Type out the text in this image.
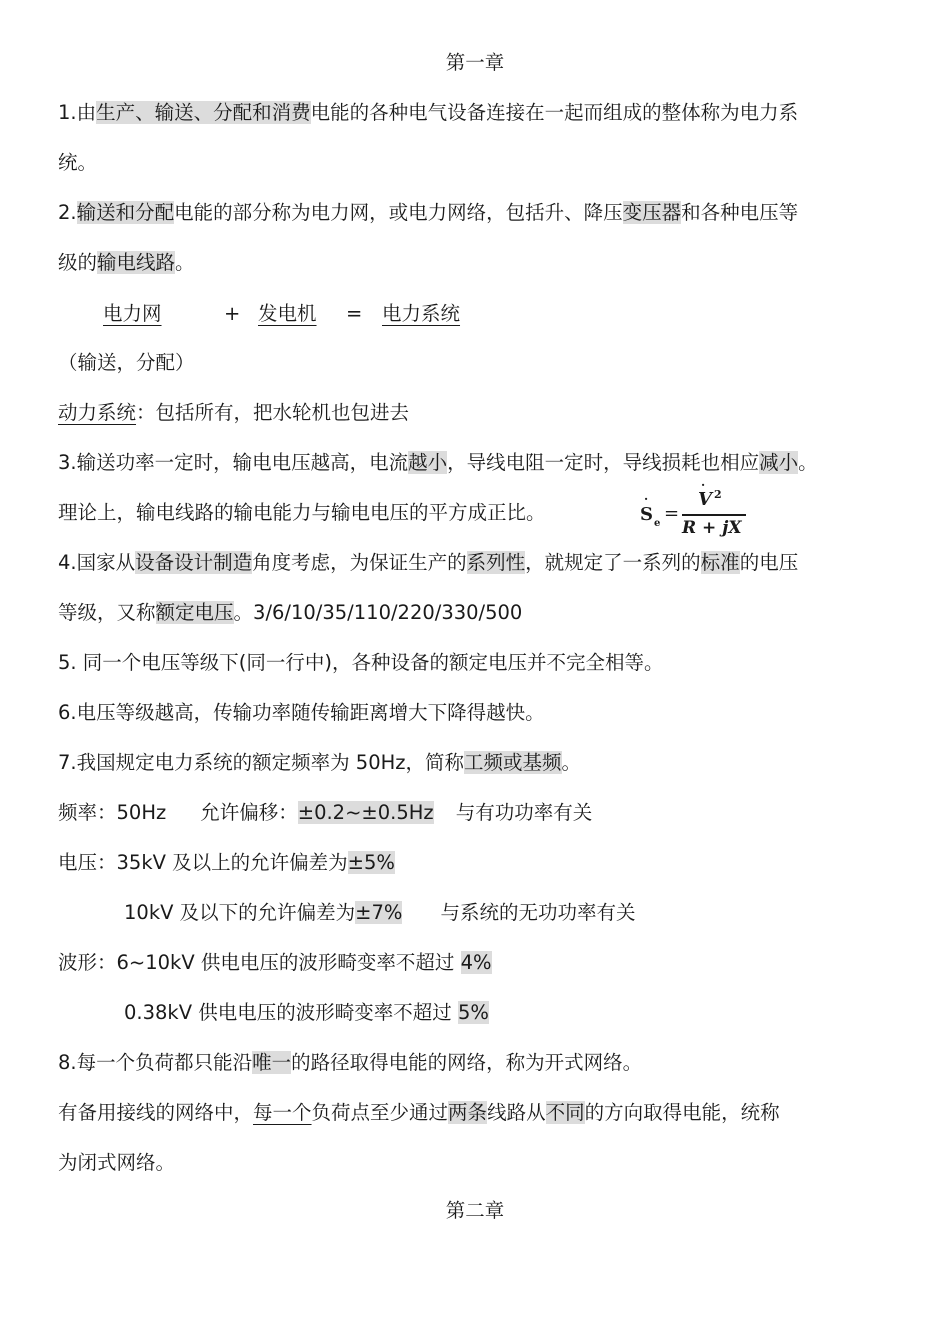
第一章
1.由生产、输送、分配和消费电能的各种电气设备连接在一起而组成的整体称为电力系
统。
2.输送和分配电能的部分称为电力网，或电力网络，包括升、降压变压器和各种电压等
级的输电线路。
电力网	+ 发电机 = 电力系统
（输送，分配）
动力系统：包括所有，把水轮机也包进去
3.输送功率一定时，输电电压越高，电流越小，导线电阻一定时，导线损耗也相应减小。
理论上，输电线路的输电能力与输电电压的平方成正比。
·
S e =
·
V $^2$
R + jX
4.国家从设备设计制造角度考虑，为保证生产的系列性，就规定了一系列的标准的电压
等级，又称额定电压。3/6/10/35/110/220/330/500
5. 同一个电压等级下(同一行中)，各种设备的额定电压并不完全相等。
6.电压等级越高，传输功率随传输距离增大下降得越快。
7.我国规定电力系统的额定频率为 50Hz，简称工频或基频。
频率：50Hz 允许偏移：±0.2~±0.5Hz 与有功功率有关
电压：35kV 及以上的允许偏差为±5%
10kV 及以下的允许偏差为±7% 与系统的无功功率有关
波形：6~10kV 供电电压的波形畸变率不超过 4%
0.38kV 供电电压的波形畸变率不超过 5%
8.每一个负荷都只能沿唯一的路径取得电能的网络，称为开式网络。
有备用接线的网络中，每一个负荷点至少通过两条线路从不同的方向取得电能，统称
为闭式网络。
第二章
